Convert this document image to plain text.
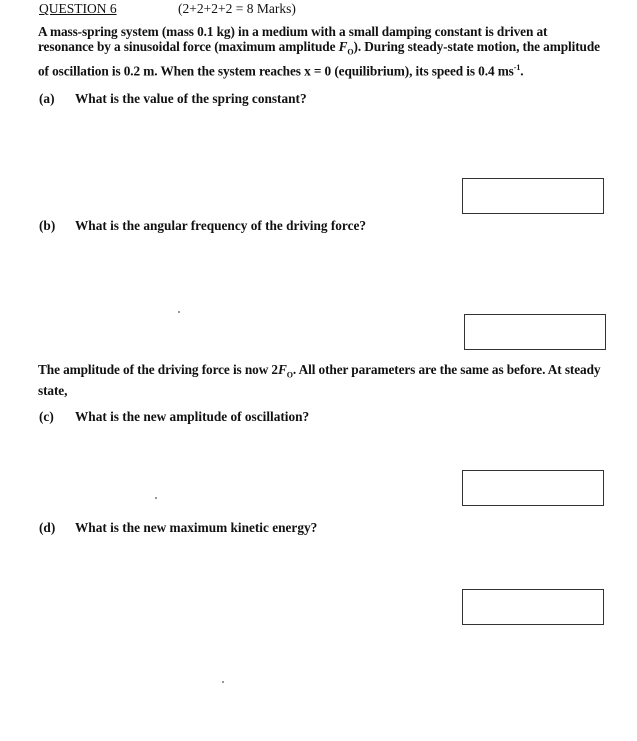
QUESTION 6	(2+2+2+2 = 8 Marks)
A mass-spring system (mass 0.1 kg) in a medium with a small damping constant is driven at
resonance by a sinusoidal force (maximum amplitude $F_O$). During steady-state motion, the amplitude
of oscillation is 0.2 m. When the system reaches x = 0 (equilibrium), its speed is 0.4 $ms^{-1}$.
(a) What is the value of the spring constant?
(b) What is the angular frequency of the driving force?
The amplitude of the driving force is now $2F_O$. All other parameters are the same as before. At steady
state,
(c) What is the new amplitude of oscillation?
(d) What is the new maximum kinetic energy?
